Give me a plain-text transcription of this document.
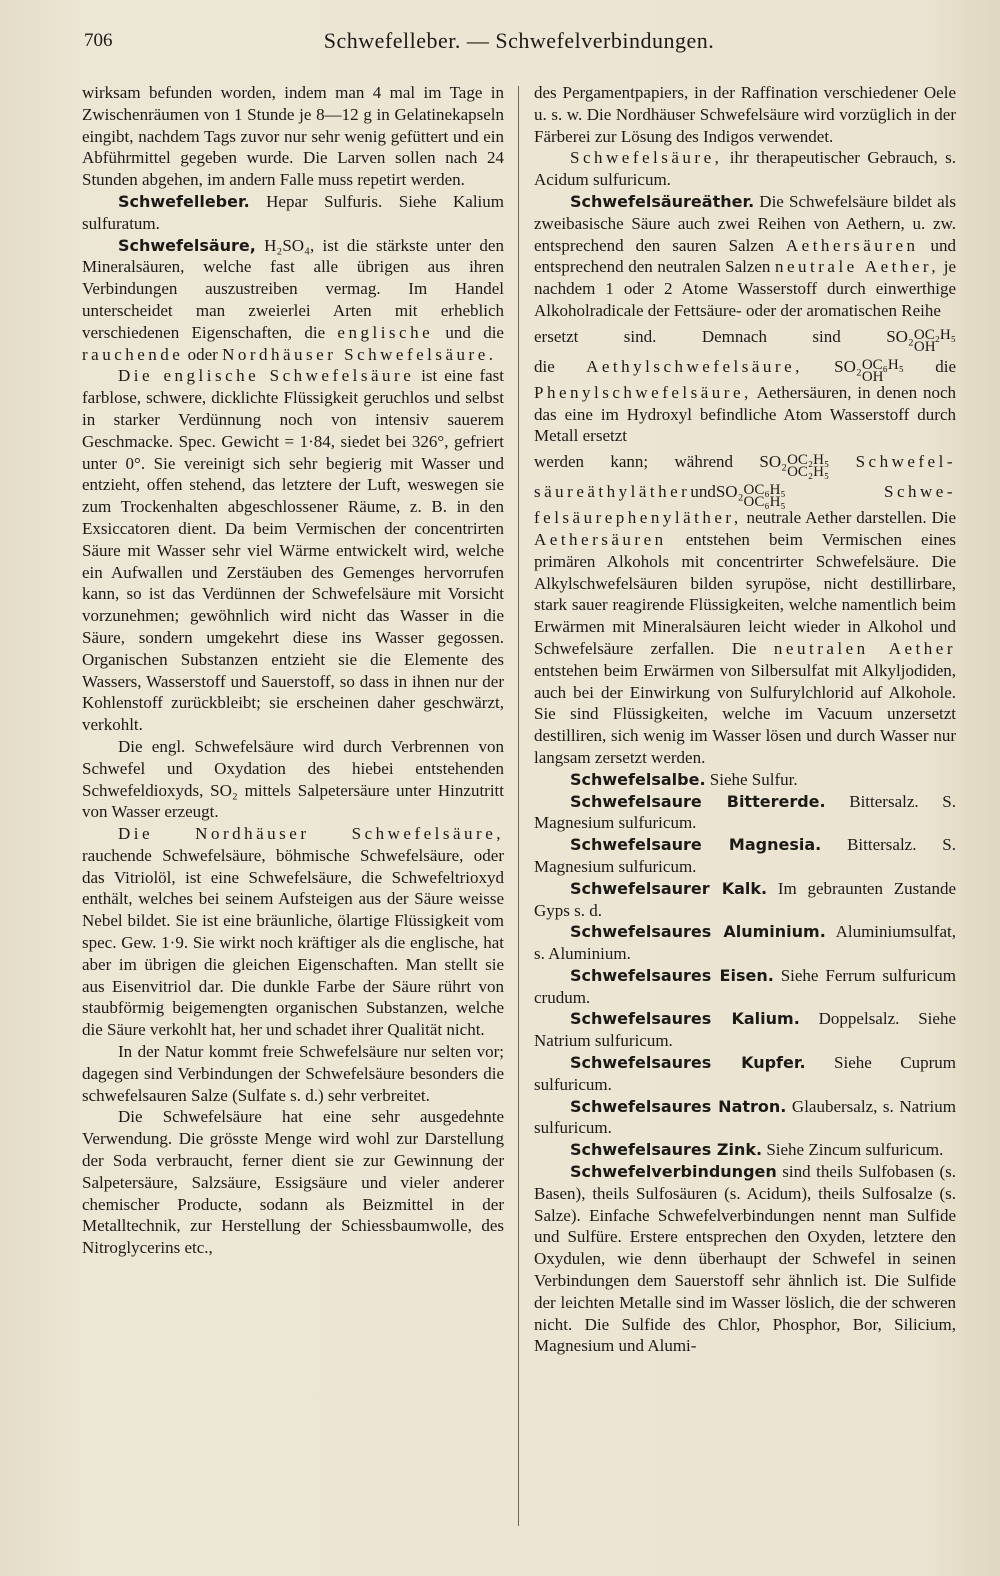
706	Schwefelleber. — Schwefelverbindungen.

wirksam befunden worden, indem man 4 mal im Tage in Zwischenräumen von 1 Stunde je 8—12 g in Gelatinekapseln eingibt, nachdem Tags zuvor nur sehr wenig gefüttert und ein Abführmittel gegeben wurde. Die Larven sollen nach 24 Stunden abgehen, im andern Falle muss repetirt werden.

Schwefelleber. Hepar Sulfuris. Siehe Kalium sulfuratum.

Schwefelsäure, H₂SO₄, ist die stärkste unter den Mineralsäuren, welche fast alle übrigen aus ihren Verbindungen auszustreiben vermag. Im Handel unterscheidet man zweierlei Arten mit erheblich verschiedenen Eigenschaften, die englische und die rauchende oder Nordhäuser Schwefelsäure.

Die englische Schwefelsäure ist eine fast farblose, schwere, dicklichte Flüssigkeit geruchlos und selbst in starker Verdünnung noch von intensiv sauerem Geschmacke. Spec. Gewicht = 1·84, siedet bei 326°, gefriert unter 0°. Sie vereinigt sich sehr begierig mit Wasser und entzieht, offen stehend, das letztere der Luft, weswegen sie zum Trockenhalten abgeschlossener Räume, z. B. in den Exsiccatoren dient. Da beim Vermischen der concentrirten Säure mit Wasser sehr viel Wärme entwickelt wird, welche ein Aufwallen und Zerstäuben des Gemenges hervorrufen kann, so ist das Verdünnen der Schwefelsäure mit Vorsicht vorzunehmen; gewöhnlich wird nicht das Wasser in die Säure, sondern umgekehrt diese ins Wasser gegossen. Organischen Substanzen entzieht sie die Elemente des Wassers, Wasserstoff und Sauerstoff, so dass in ihnen nur der Kohlenstoff zurückbleibt; sie erscheinen daher geschwärzt, verkohlt.

Die engl. Schwefelsäure wird durch Verbrennen von Schwefel und Oxydation des hiebei entstehenden Schwefeldioxyds, SO₂ mittels Salpetersäure unter Hinzutritt von Wasser erzeugt.

Die Nordhäuser Schwefelsäure, rauchende Schwefelsäure, böhmische Schwefelsäure, oder das Vitriolöl, ist eine Schwefelsäure, die Schwefeltrioxyd enthält, welches bei seinem Aufsteigen aus der Säure weisse Nebel bildet. Sie ist eine bräunliche, ölartige Flüssigkeit vom spec. Gew. 1·9. Sie wirkt noch kräftiger als die englische, hat aber im übrigen die gleichen Eigenschaften. Man stellt sie aus Eisenvitriol dar. Die dunkle Farbe der Säure rührt von staubförmig beigemengten organischen Substanzen, welche die Säure verkohlt hat, her und schadet ihrer Qualität nicht.

In der Natur kommt freie Schwefelsäure nur selten vor; dagegen sind Verbindungen der Schwefelsäure besonders die schwefelsauren Salze (Sulfate s. d.) sehr verbreitet.

Die Schwefelsäure hat eine sehr ausgedehnte Verwendung. Die grösste Menge wird wohl zur Darstellung der Soda verbraucht, ferner dient sie zur Gewinnung der Salpetersäure, Salzsäure, Essigsäure und vieler anderer chemischer Producte, sodann als Beizmittel in der Metalltechnik, zur Herstellung der Schiessbaumwolle, des Nitroglycerins etc.,

des Pergamentpapiers, in der Raffination verschiedener Oele u. s. w. Die Nordhäuser Schwefelsäure wird vorzüglich in der Färberei zur Lösung des Indigos verwendet.

Schwefelsäure, ihr therapeutischer Gebrauch, s. Acidum sulfuricum.

Schwefelsäureäther. Die Schwefelsäure bildet als zweibasische Säure auch zwei Reihen von Aethern, u. zw. entsprechend den sauren Salzen Aethersäuren und entsprechend den neutralen Salzen neutrale Aether, je nachdem 1 oder 2 Atome Wasserstoff durch einwerthige Alkoholradicale der Fettsäure- oder der aromatischen Reihe

ersetzt sind. Demnach sind	SO₂ OC₂H₅
OH

die Aethylschwefelsäure, SO₂ OC₆H₅
OH
die

Phenylschwefelsäure, Aethersäuren, in denen noch das eine im Hydroxyl befindliche Atom Wasserstoff durch Metall ersetzt

werden kann; während SO₂ OC₂H₅
OC₂H₅
Schwefel-

säureäthylätherundSO₂ OC₆H₅
OC₆H₅
Schwe-

felsäurephenyläther, neutrale Aether darstellen. Die Aethersäuren entstehen beim Vermischen eines primären Alkohols mit concentrirter Schwefelsäure. Die Alkylschwefelsäuren bilden syrupöse, nicht destillirbare, stark sauer reagirende Flüssigkeiten, welche namentlich beim Erwärmen mit Mineralsäuren leicht wieder in Alkohol und Schwefelsäure zerfallen. Die neutralen Aether entstehen beim Erwärmen von Silbersulfat mit Alkyljodiden, auch bei der Einwirkung von Sulfurylchlorid auf Alkohole. Sie sind Flüssigkeiten, welche im Vacuum unzersetzt destilliren, sich wenig im Wasser lösen und durch Wasser nur langsam zersetzt werden.

Schwefelsalbe. Siehe Sulfur.

Schwefelsaure Bittererde. Bittersalz. S. Magnesium sulfuricum.

Schwefelsaure Magnesia. Bittersalz. S. Magnesium sulfuricum.

Schwefelsaurer Kalk. Im gebraunten Zustande Gyps s. d.

Schwefelsaures Aluminium. Aluminiumsulfat, s. Aluminium.

Schwefelsaures Eisen. Siehe Ferrum sulfuricum crudum.

Schwefelsaures Kalium. Doppelsalz. Siehe Natrium sulfuricum.

Schwefelsaures Kupfer. Siehe Cuprum sulfuricum.

Schwefelsaures Natron. Glaubersalz, s. Natrium sulfuricum.

Schwefelsaures Zink. Siehe Zincum sulfuricum.

Schwefelverbindungen sind theils Sulfobasen (s. Basen), theils Sulfosäuren (s. Acidum), theils Sulfosalze (s. Salze). Einfache Schwefelverbindungen nennt man Sulfide und Sulfüre. Erstere entsprechen den Oxyden, letztere den Oxydulen, wie denn überhaupt der Schwefel in seinen Verbindungen dem Sauerstoff sehr ähnlich ist. Die Sulfide der leichten Metalle sind im Wasser löslich, die der schweren nicht. Die Sulfide des Chlor, Phosphor, Bor, Silicium, Magnesium und Alumi-
